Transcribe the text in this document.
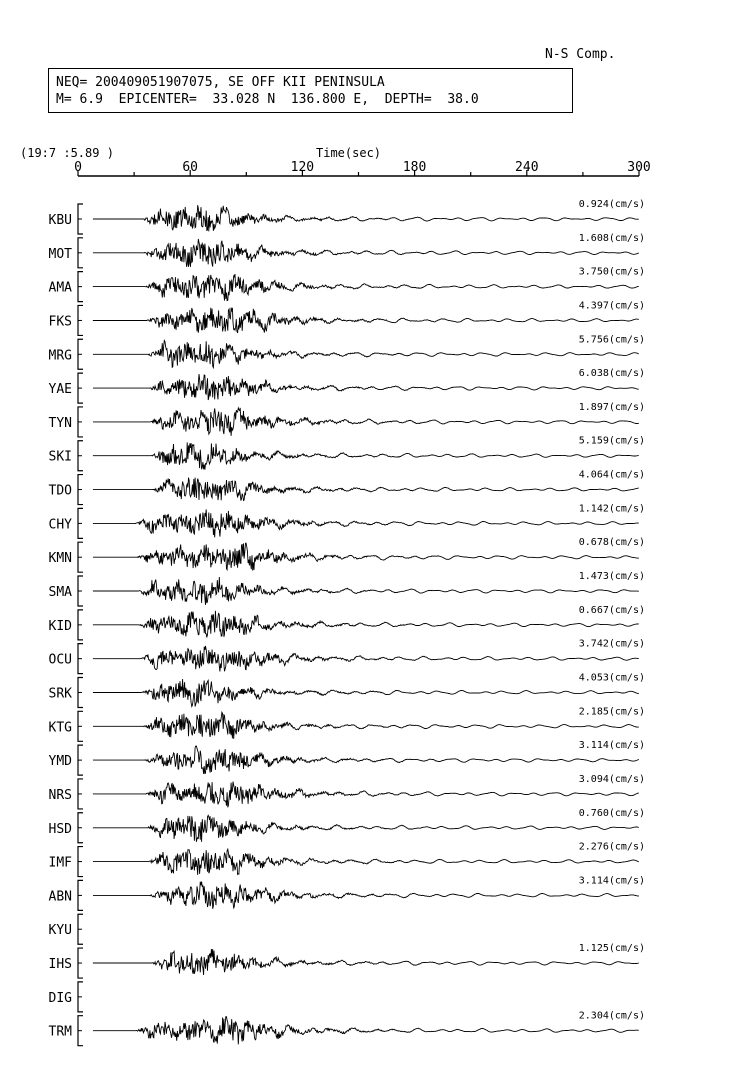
N-S Comp.
NEQ= 200409051907075, SE OFF KII PENINSULA
M= 6.9  EPICENTER=  33.028 N  136.800 E,  DEPTH=  38.0
(19:7 :5.89 )	Time(sec)
0	60	120	180	240	300
KBU
0.924(cm/s)
MOT
1.608(cm/s)
AMA
3.750(cm/s)
FKS
4.397(cm/s)
MRG
5.756(cm/s)
YAE
6.038(cm/s)
TYN
1.897(cm/s)
SKI
5.159(cm/s)
TDO
4.064(cm/s)
CHY
1.142(cm/s)
KMN
0.678(cm/s)
SMA
1.473(cm/s)
KID
0.667(cm/s)
OCU
3.742(cm/s)
SRK
4.053(cm/s)
KTG
2.185(cm/s)
YMD
3.114(cm/s)
NRS
3.094(cm/s)
HSD
0.760(cm/s)
IMF
2.276(cm/s)
ABN
3.114(cm/s)
KYU
IHS
1.125(cm/s)
DIG
TRM
2.304(cm/s)
